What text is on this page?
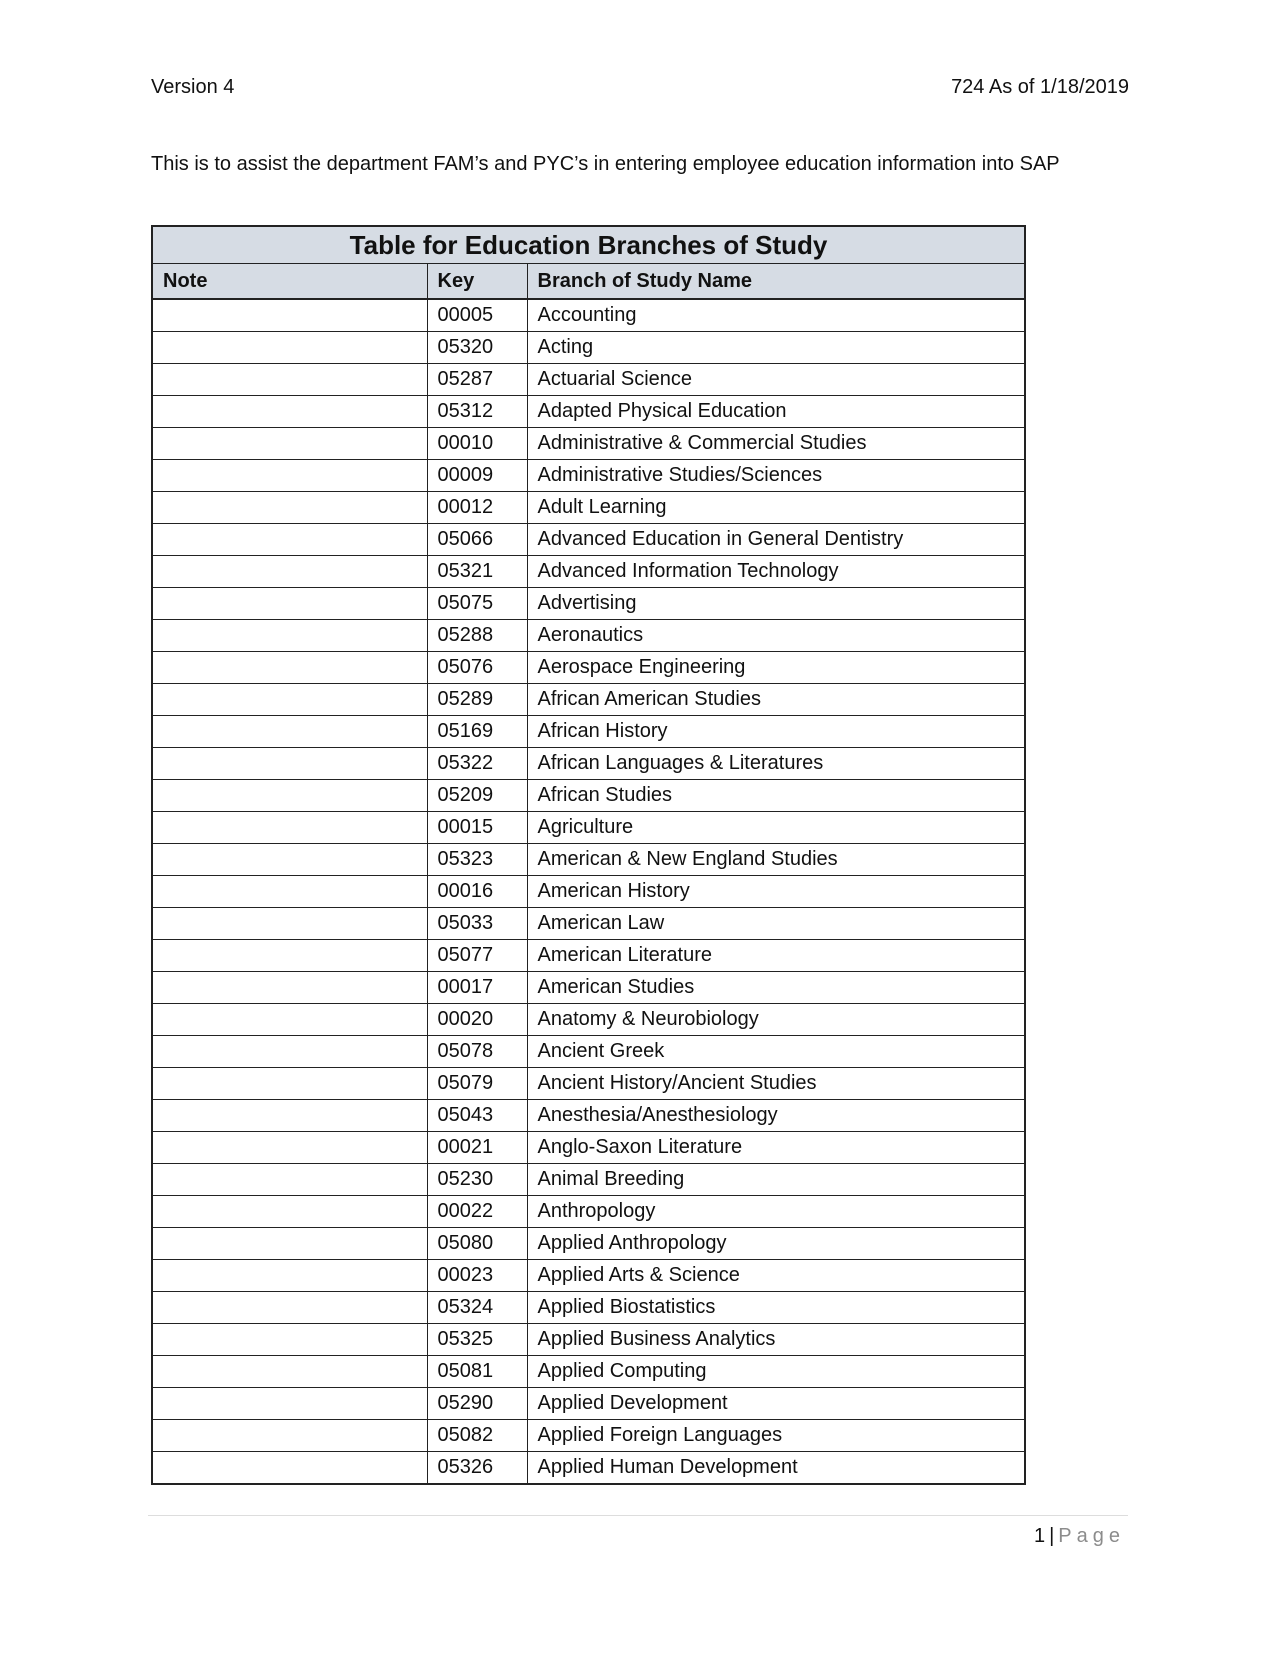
Version 4	724 As of 1/18/2019
This is to assist the department FAM’s and PYC’s in entering employee education information into SAP
Table for Education Branches of Study		
Note	Key	Branch of Study Name
	00005	Accounting
	05320	Acting
	05287	Actuarial Science
	05312	Adapted Physical Education
	00010	Administrative & Commercial Studies
	00009	Administrative Studies/Sciences
	00012	Adult Learning
	05066	Advanced Education in General Dentistry
	05321	Advanced Information Technology
	05075	Advertising
	05288	Aeronautics
	05076	Aerospace Engineering
	05289	African American Studies
	05169	African History
	05322	African Languages & Literatures
	05209	African Studies
	00015	Agriculture
	05323	American & New England Studies
	00016	American History
	05033	American Law
	05077	American Literature
	00017	American Studies
	00020	Anatomy & Neurobiology
	05078	Ancient Greek
	05079	Ancient History/Ancient Studies
	05043	Anesthesia/Anesthesiology
	00021	Anglo-Saxon Literature
	05230	Animal Breeding
	00022	Anthropology
	05080	Applied Anthropology
	00023	Applied Arts & Science
	05324	Applied Biostatistics
	05325	Applied Business Analytics
	05081	Applied Computing
	05290	Applied Development
	05082	Applied Foreign Languages
	05326	Applied Human Development
1 | Page
